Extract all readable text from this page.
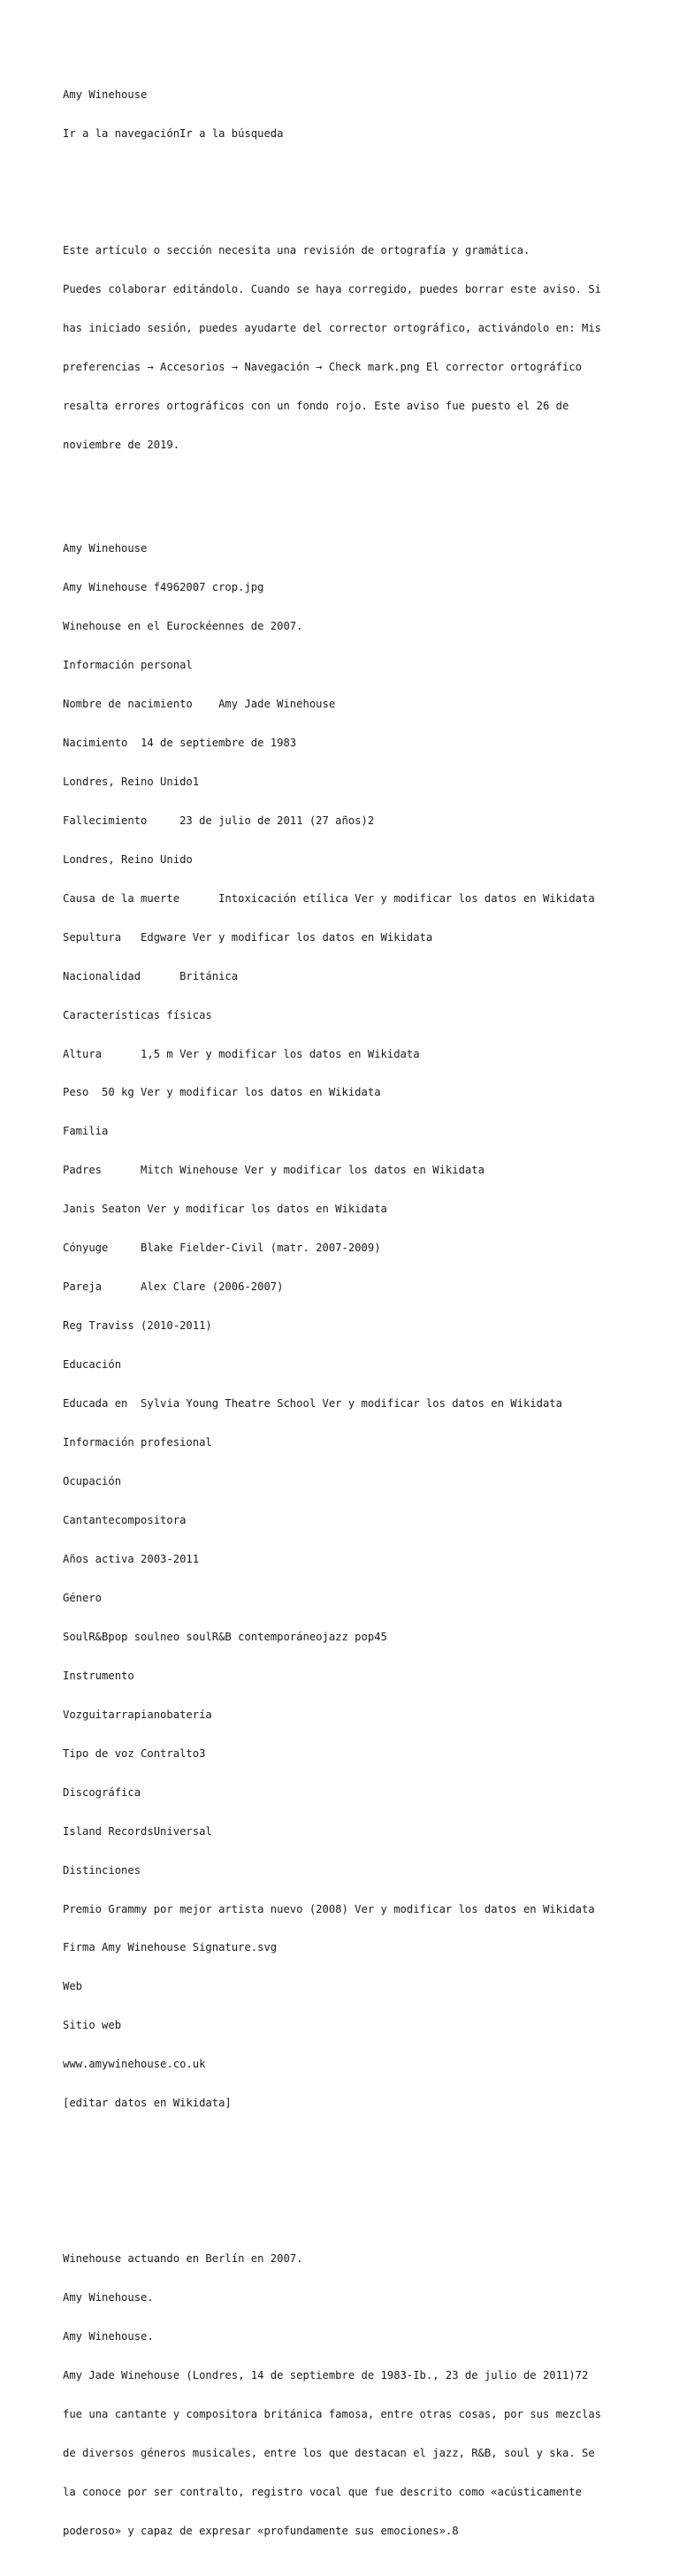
Amy Winehouse

Ir a la navegaciónIr a la búsqueda

Este artículo o sección necesita una revisión de ortografía y gramática.

Puedes colaborar editándolo. Cuando se haya corregido, puedes borrar este aviso. Si

has iniciado sesión, puedes ayudarte del corrector ortográfico, activándolo en: Mis

preferencias → Accesorios → Navegación → Check mark.png El corrector ortográfico

resalta errores ortográficos con un fondo rojo. Este aviso fue puesto el 26 de

noviembre de 2019.

Amy Winehouse

Amy Winehouse f4962007 crop.jpg

Winehouse en el Eurockéennes de 2007.

Información personal

Nombre de nacimiento    Amy Jade Winehouse

Nacimiento  14 de septiembre de 1983

Londres, Reino Unido1

Fallecimiento     23 de julio de 2011 (27 años)2

Londres, Reino Unido

Causa de la muerte      Intoxicación etílica Ver y modificar los datos en Wikidata

Sepultura   Edgware Ver y modificar los datos en Wikidata

Nacionalidad      Británica

Características físicas

Altura      1,5 m Ver y modificar los datos en Wikidata

Peso  50 kg Ver y modificar los datos en Wikidata

Familia

Padres      Mitch Winehouse Ver y modificar los datos en Wikidata

Janis Seaton Ver y modificar los datos en Wikidata

Cónyuge     Blake Fielder-Civil (matr. 2007-2009)

Pareja      Alex Clare (2006-2007)

Reg Traviss (2010-2011)

Educación

Educada en  Sylvia Young Theatre School Ver y modificar los datos en Wikidata

Información profesional

Ocupación

Cantantecompositora

Años activa 2003-2011

Género

SoulR&Bpop soulneo soulR&B contemporáneojazz pop45

Instrumento

Vozguitarrapianobatería

Tipo de voz Contralto3

Discográfica

Island RecordsUniversal

Distinciones

Premio Grammy por mejor artista nuevo (2008) Ver y modificar los datos en Wikidata

Firma Amy Winehouse Signature.svg

Web

Sitio web

www.amywinehouse.co.uk

[editar datos en Wikidata]

Winehouse actuando en Berlín en 2007.

Amy Winehouse.

Amy Winehouse.

Amy Jade Winehouse (Londres, 14 de septiembre de 1983-Ib., 23 de julio de 2011)72

fue una cantante y compositora británica famosa, entre otras cosas, por sus mezclas

de diversos géneros musicales, entre los que destacan el jazz, R&B, soul y ska. Se

la conoce por ser contralto, registro vocal que fue descrito como «acústicamente

poderoso» y capaz de expresar «profundamente sus emociones».8
